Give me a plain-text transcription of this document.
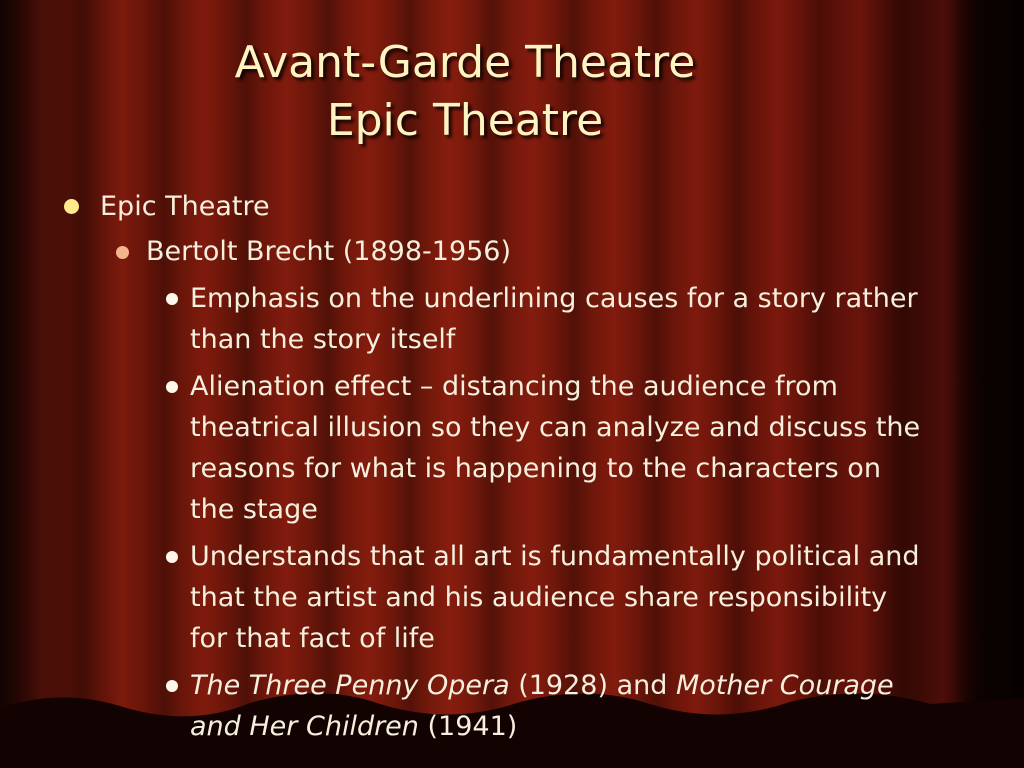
Avant-Garde Theatre
Epic Theatre
Epic Theatre
Bertolt Brecht (1898-1956)
Emphasis on the underlining causes for a story rather than the story itself
Alienation effect – distancing the audience from theatrical illusion so they can analyze and discuss the reasons for what is happening to the characters on the stage
Understands that all art is fundamentally political and that the artist and his audience share responsibility for that fact of life
The Three Penny Opera (1928) and Mother Courage and Her Children (1941)
